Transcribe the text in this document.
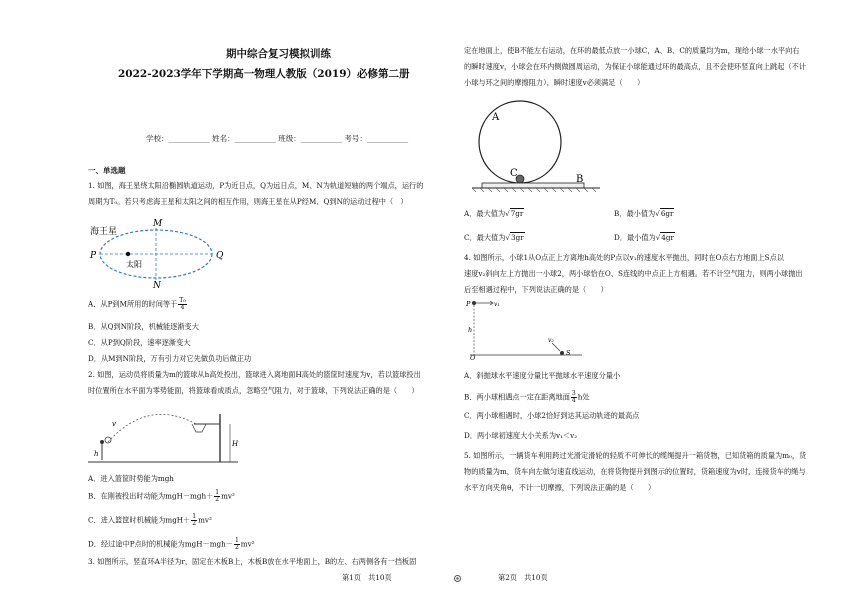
期中综合复习模拟训练
2022-2023学年下学期高一物理人教版（2019）必修第二册
学校：___________ 姓名：___________ 班级：___________ 考号：___________
一、单选题
1. 如图，海王星绕太阳沿椭圆轨道运动，P为近日点，Q为远日点，M、N为轨道短轴的两个端点，运行的
周期为T₀。若只考虑海王星和太阳之间的相互作用，则海王星在从P经M、Q到N的运动过程中（　）
海王星
M
N
P	Q
太阳
A．从P到M所用的时间等于 $\frac{\text{T₀}}{4}$
B．从Q到N阶段，机械能逐渐变大
C．从P到Q阶段，速率逐渐变大
D．从M到N阶段，万有引力对它先做负功后做正功
2. 如图，运动员将质量为m的篮球从h高处投出，篮球进入离地面H高处的篮筐时速度为v，若以篮球投出
时位置所在水平面为零势能面，将篮球看成质点，忽略空气阻力，对于篮球，下列说法正确的是（　　）
v
h
H
A．进入篮筐时势能为mgh
B．在刚被投出时动能为$mgH-mgh+ \frac{1}{2} mv^2$
C．进入篮筐时机械能为$mgH+ \frac{1}{2} mv^2$
D．经过途中P点时的机械能为$mgH-mgh- \frac{1}{2} mv^2$
3. 如图所示，竖直环A半径为r，固定在木板B上，木板B放在水平地面上，B的左、右两侧各有一挡板固
第1页　共10页
定在地面上，使B不能左右运动，在环的最低点放一小球C，A、B、C的质量均为m，现给小球一水平向右
的瞬时速度v，小球会在环内侧做圆周运动，为保证小球能通过环的最高点，且不会使环竖直向上跳起（不计
小球与环之间的摩擦阻力），瞬时速度v必须满足（　　）
A
C
B
A．最大值为√7gr	B．最小值为√6gr
C．最大值为√3gr	D．最小值为√4gr
4. 如图所示，小球1从O点正上方离地h高处的P点以v₁的速度水平抛出，同时在O点右方地面上S点以
速度v₂斜向左上方抛出一小球2，两小球恰在O、S连线的中点正上方相遇。若不计空气阻力，则两小球抛出
后至相遇过程中，下列说法正确的是（　　）
P	v₁
h
O
v₂
S
A．斜抛球水平速度分量比平抛球水平速度分量小
B．两小球相遇点一定在距离地面 $\frac{3}{4}$ h处
C．两小球相遇时，小球2恰好到达其运动轨迹的最高点
D．两小球初速度大小关系为v₁＜v₂
5. 如图所示，一辆货车利用跨过光滑定滑轮的轻质不可伸长的缆绳提升一箱货物，已知货箱的质量为m₀，货
物的质量为m，货车向左做匀速直线运动，在将货物提升到图示的位置时，货箱速度为v时，连接货车的绳与
水平方向夹角θ，不计一切摩擦，下列说法正确的是（　　）
第2页　共10页
